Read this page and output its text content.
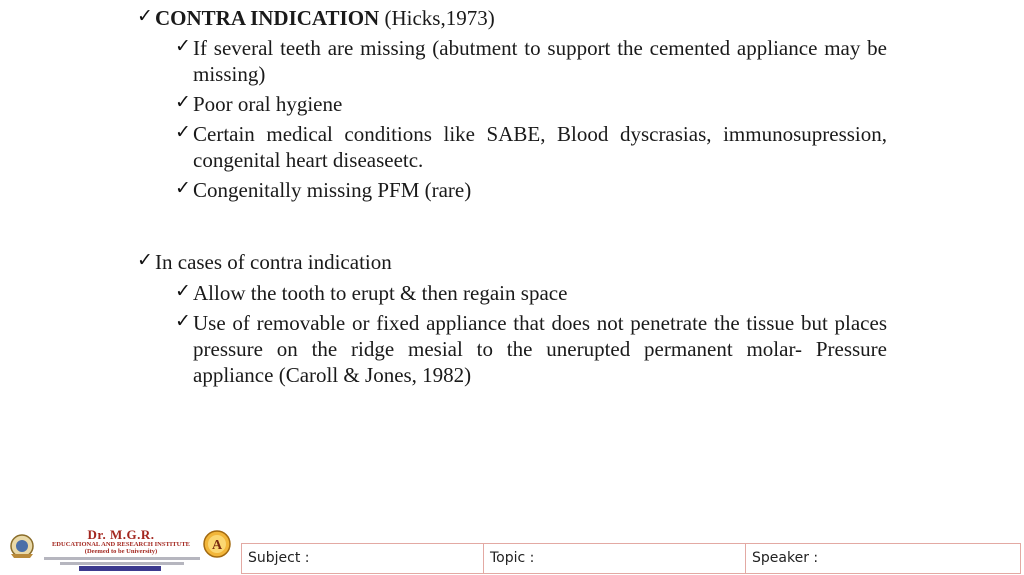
✓ CONTRA INDICATION (Hicks,1973)
✓ If several teeth are missing (abutment to support the cemented appliance may be missing)
✓ Poor oral hygiene
✓ Certain medical conditions like SABE, Blood dyscrasias, immunosupression, congenital heart diseaseetc.
✓ Congenitally missing PFM (rare)
✓ In cases of contra indication
✓ Allow the tooth to erupt & then regain space
✓ Use of removable or fixed appliance that does not penetrate the tissue but places pressure on the ridge mesial to the unerupted permanent molar- Pressure appliance (Caroll & Jones, 1982)
Dr. M.G.R.
EDUCATIONAL AND RESEARCH INSTITUTE
(Deemed to be University)	A
Subject :	Topic :	Speaker :
